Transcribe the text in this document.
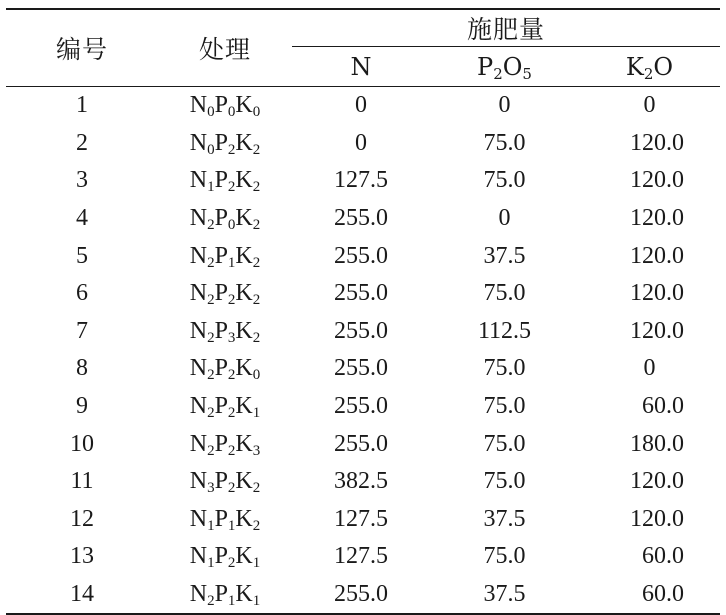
编号	处理	施肥量		
		N	$P_2O_5$	$K_2O$
1	$N_0P_0K_0$	0	0	0
2	$N_0P_2K_2$	0	75.0	120.0
3	$N_1P_2K_2$	127.5	75.0	120.0
4	$N_2P_0K_2$	255.0	0	120.0
5	$N_2P_1K_2$	255.0	37.5	120.0
6	$N_2P_2K_2$	255.0	75.0	120.0
7	$N_2P_3K_2$	255.0	112.5	120.0
8	$N_2P_2K_0$	255.0	75.0	0
9	$N_2P_2K_1$	255.0	75.0	60.0
10	$N_2P_2K_3$	255.0	75.0	180.0
11	$N_3P_2K_2$	382.5	75.0	120.0
12	$N_1P_1K_2$	127.5	37.5	120.0
13	$N_1P_2K_1$	127.5	75.0	60.0
14	$N_2P_1K_1$	255.0	37.5	60.0
